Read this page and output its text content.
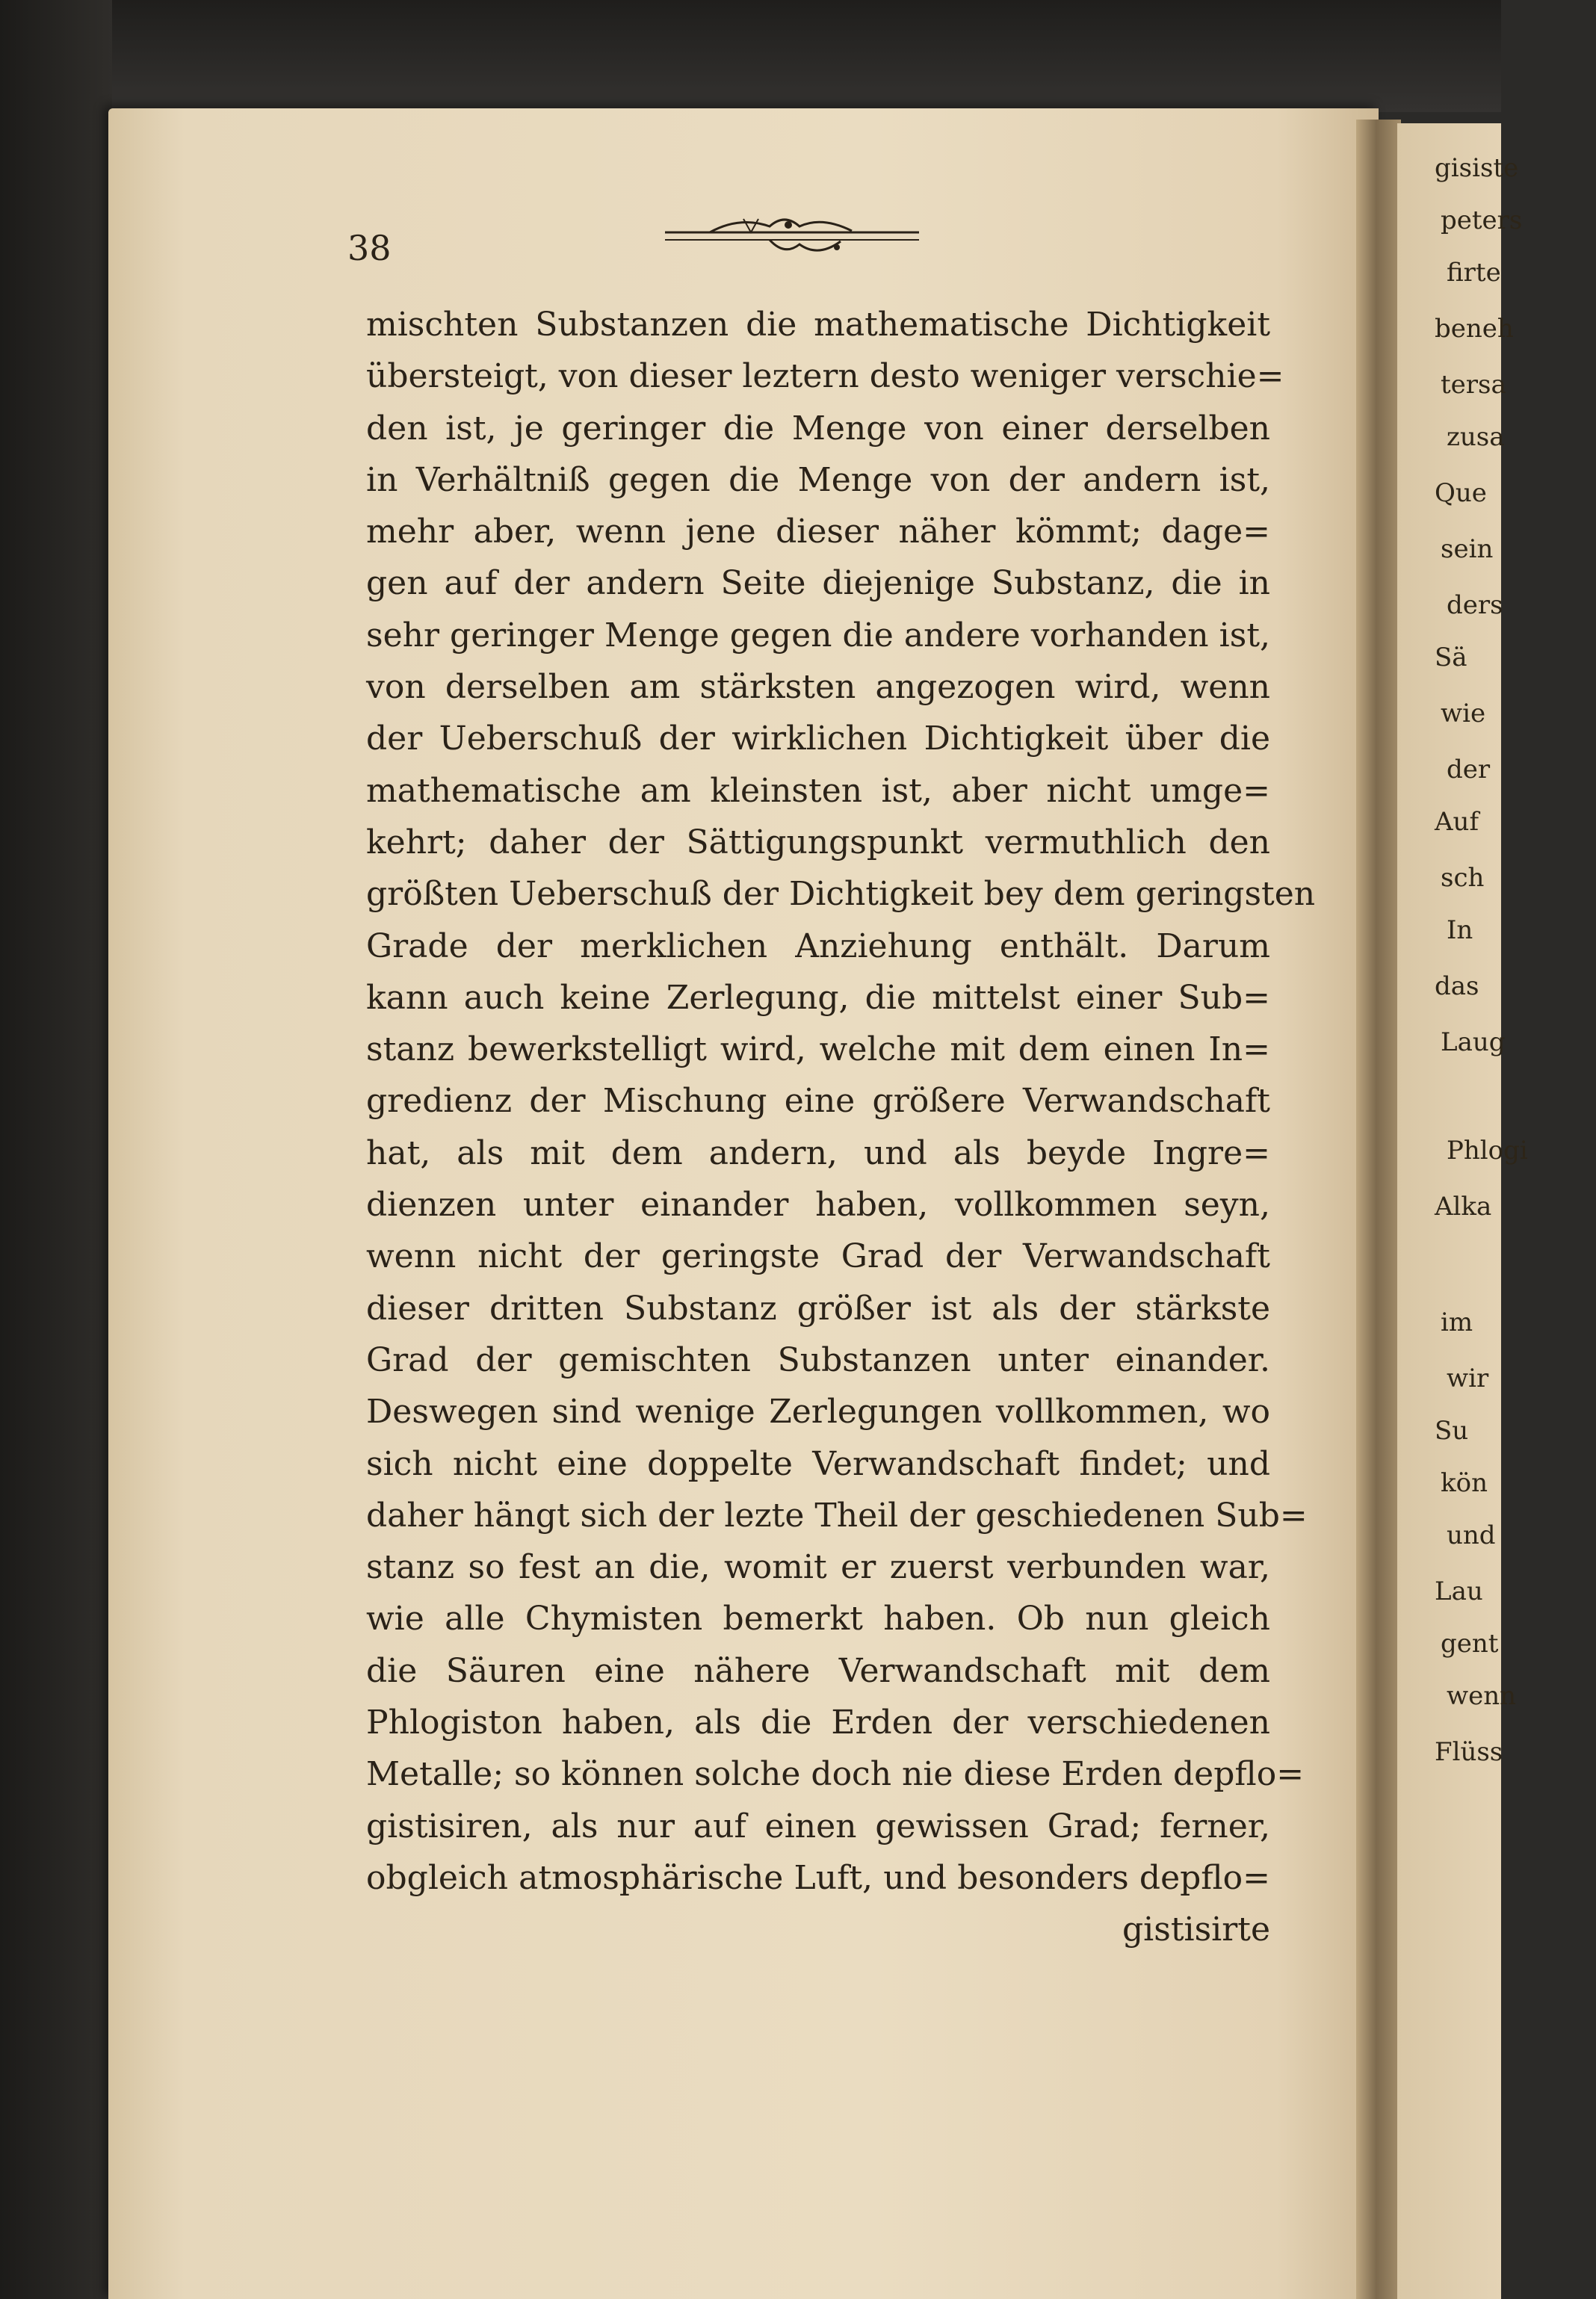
gisiste
peters
firte
beneh
tersa
zusa
Que
sein
ders
Sä
wie
der
Auf
sch
In
das
Laug
Phlogi
Alka
im
wir
Su
kön
und
Lau
gent
wenn
Flüss
38
mischten Substanzen die mathematische Dichtigkeit
übersteigt, von dieser leztern desto weniger verschie=
den ist, je geringer die Menge von einer derselben
in Verhältniß gegen die Menge von der andern ist,
mehr aber, wenn jene dieser näher kömmt; dage=
gen auf der andern Seite diejenige Substanz, die in
sehr geringer Menge gegen die andere vorhanden ist,
von derselben am stärksten angezogen wird, wenn
der Ueberschuß der wirklichen Dichtigkeit über die
mathematische am kleinsten ist, aber nicht umge=
kehrt; daher der Sättigungspunkt vermuthlich den
größten Ueberschuß der Dichtigkeit bey dem geringsten
Grade der merklichen Anziehung enthält. Darum
kann auch keine Zerlegung, die mittelst einer Sub=
stanz bewerkstelligt wird, welche mit dem einen In=
gredienz der Mischung eine größere Verwandschaft
hat, als mit dem andern, und als beyde Ingre=
dienzen unter einander haben, vollkommen seyn,
wenn nicht der geringste Grad der Verwandschaft
dieser dritten Substanz größer ist als der stärkste
Grad der gemischten Substanzen unter einander.
Deswegen sind wenige Zerlegungen vollkommen, wo
sich nicht eine doppelte Verwandschaft findet; und
daher hängt sich der lezte Theil der geschiedenen Sub=
stanz so fest an die, womit er zuerst verbunden war,
wie alle Chymisten bemerkt haben. Ob nun gleich
die Säuren eine nähere Verwandschaft mit dem
Phlogiston haben, als die Erden der verschiedenen
Metalle; so können solche doch nie diese Erden depflo=
gistisiren, als nur auf einen gewissen Grad; ferner,
obgleich atmosphärische Luft, und besonders depflo=
gistisirte
